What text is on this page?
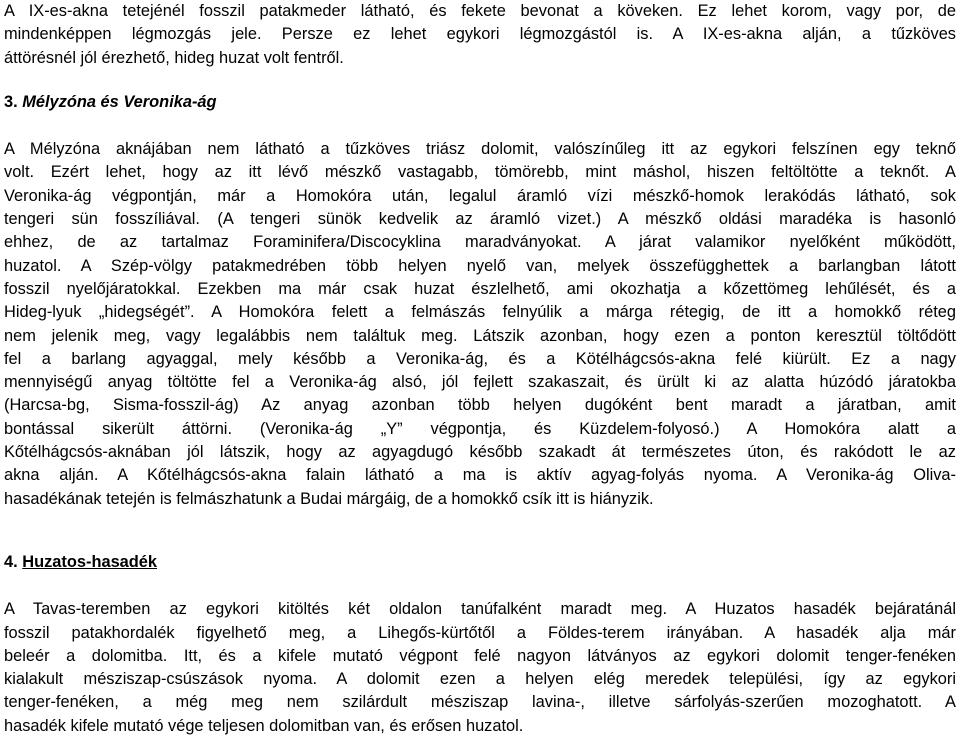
A IX-es-akna tetejénél fosszil patakmeder látható, és fekete bevonat a köveken. Ez lehet korom, vagy por, de
mindenképpen légmozgás jele. Persze ez lehet egykori légmozgástól is. A IX-es-akna alján, a tűzköves
áttörésnél jól érezhető, hideg huzat volt fentről.

3. Mélyzóna és Veronika-ág

A Mélyzóna aknájában nem látható a tűzköves triász dolomit, valószínűleg itt az egykori felszínen egy teknő
volt. Ezért lehet, hogy az itt lévő mészkő vastagabb, tömörebb, mint máshol, hiszen feltöltötte a teknőt. A
Veronika-ág végpontján, már a Homokóra után, legalul áramló vízi mészkő-homok lerakódás látható, sok
tengeri sün fosszíliával. (A tengeri sünök kedvelik az áramló vizet.) A mészkő oldási maradéka is hasonló
ehhez, de az tartalmaz Foraminifera/Discocyklina maradványokat. A járat valamikor nyelőként működött,
huzatol. A Szép-völgy patakmedrében több helyen nyelő van, melyek összefügghettek a barlangban látott
fosszil nyelőjáratokkal. Ezekben ma már csak huzat észlelhető, ami okozhatja a kőzettömeg lehűlését, és a
Hideg-lyuk „hidegségét”. A Homokóra felett a felmászás felnyúlik a márga rétegig, de itt a homokkő réteg
nem jelenik meg, vagy legalábbis nem találtuk meg. Látszik azonban, hogy ezen a ponton keresztül töltődött
fel a barlang agyaggal, mely később a Veronika-ág, és a Kötélhágcsós-akna felé kiürült. Ez a nagy
mennyiségű anyag töltötte fel a Veronika-ág alsó, jól fejlett szakaszait, és ürült ki az alatta húzódó járatokba
(Harcsa-bg, Sisma-fosszil-ág) Az anyag azonban több helyen dugóként bent maradt a járatban, amit
bontással sikerült áttörni. (Veronika-ág „Y” végpontja, és Küzdelem-folyosó.) A Homokóra alatt a
Kőtélhágcsós-aknában jól látszik, hogy az agyagdugó később szakadt át természetes úton, és rakódott le az
akna alján. A Kőtélhágcsós-akna falain látható a ma is aktív agyag-folyás nyoma. A Veronika-ág Oliva-
hasadékának tetején is felmászhatunk a Budai márgáig, de a homokkő csík itt is hiányzik.

4. Huzatos-hasadék

A Tavas-teremben az egykori kitöltés két oldalon tanúfalként maradt meg. A Huzatos hasadék bejáratánál
fosszil patakhordalék figyelhető meg, a Lihegős-kürtőtől a Földes-terem irányában. A hasadék alja már
beleér a dolomitba. Itt, és a kifele mutató végpont felé nagyon látványos az egykori dolomit tenger-fenéken
kialakult mésziszap-csúszások nyoma. A dolomit ezen a helyen elég meredek települési, így az egykori
tenger-fenéken, a még meg nem szilárdult mésziszap lavina-, illetve sárfolyás-szerűen mozoghatott. A
hasadék kifele mutató vége teljesen dolomitban van, és erősen huzatol.
